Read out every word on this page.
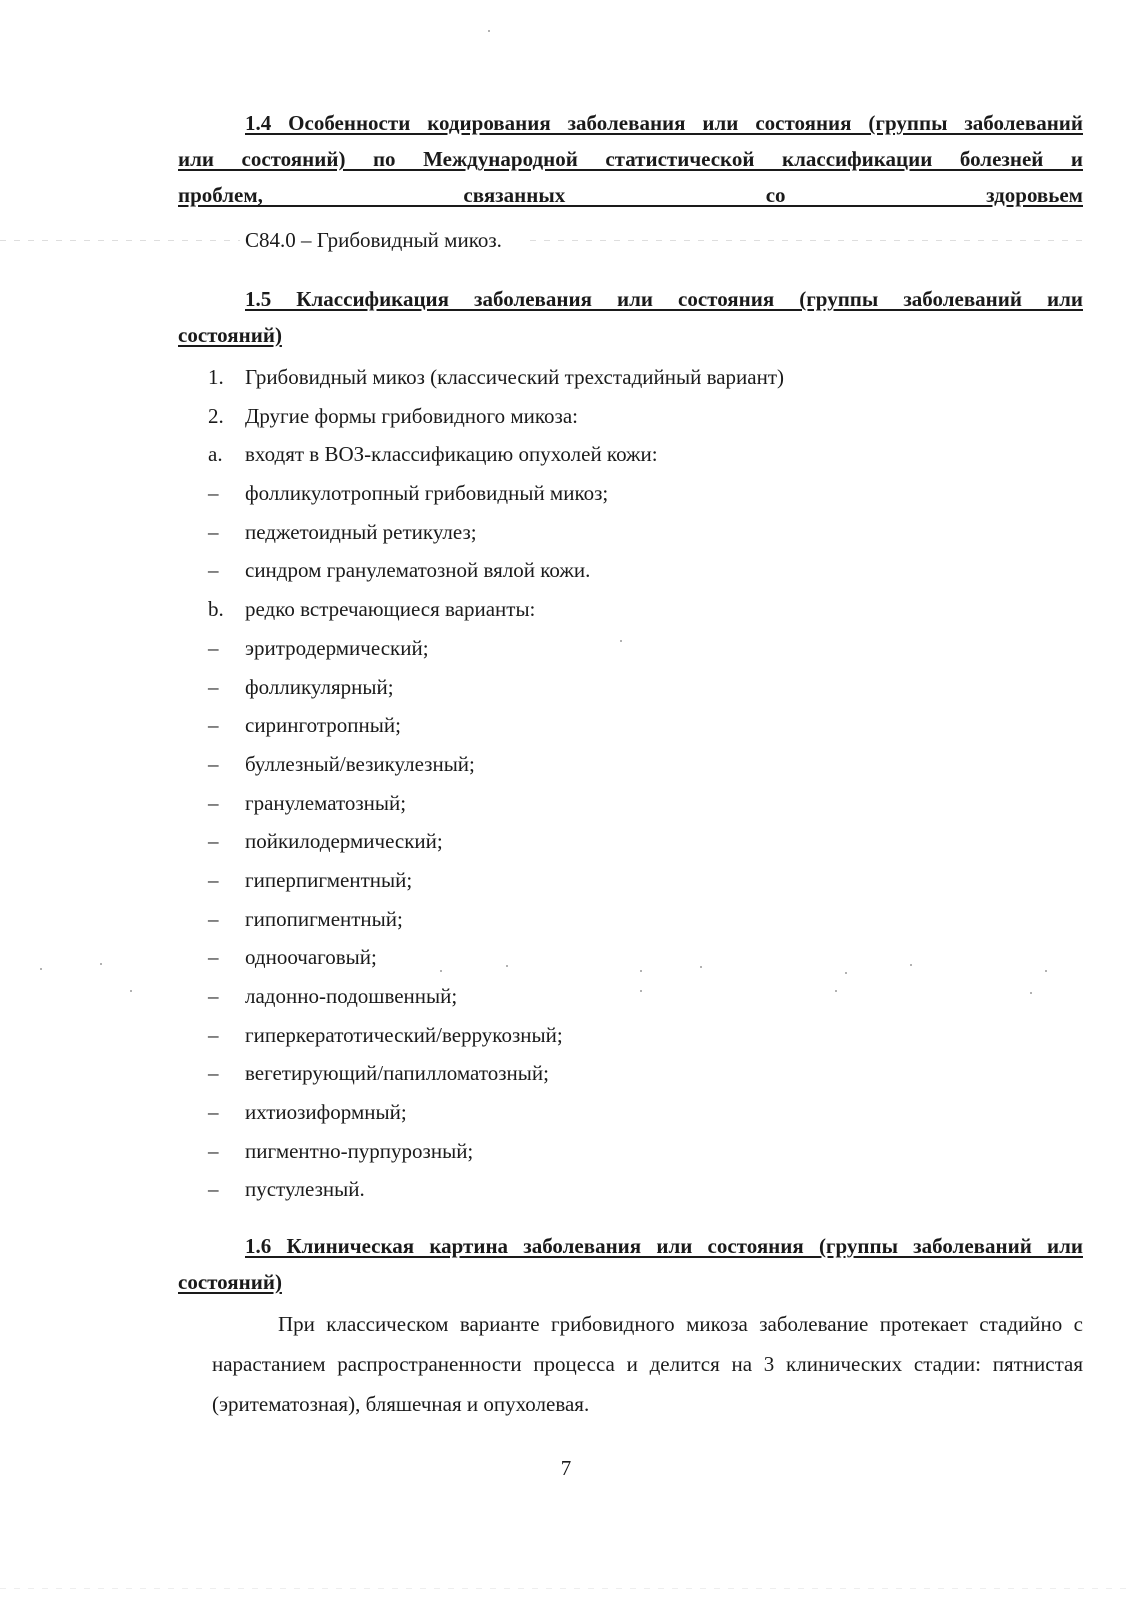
1.4 Особенности кодирования заболевания или состояния (группы заболеваний
или состояний) по Международной статистической классификации болезней и
проблем, связанных со здоровьем

C84.0 – Грибовидный микоз.

1.5 Классификация заболевания или состояния (группы заболеваний или
состояний)
1.	Грибовидный микоз (классический трехстадийный вариант)
2.	Другие формы грибовидного микоза:
a.	входят в ВОЗ-классификацию опухолей кожи:
–	фолликулотропный грибовидный микоз;
–	педжетоидный ретикулез;
–	синдром гранулематозной вялой кожи.
b.	редко встречающиеся варианты:
–	эритродермический;
–	фолликулярный;
–	сиринготропный;
–	буллезный/везикулезный;
–	гранулематозный;
–	пойкилодермический;
–	гиперпигментный;
–	гипопигментный;
–	одноочаговый;
–	ладонно-подошвенный;
–	гиперкератотический/веррукозный;
–	вегетирующий/папилломатозный;
–	ихтиозиформный;
–	пигментно-пурпурозный;
–	пустулезный.
1.6 Клиническая картина заболевания или состояния (группы заболеваний или
состояний)

При классическом варианте грибовидного микоза заболевание протекает стадийно с нарастанием распространенности процесса и делится на 3 клинических стадии: пятнистая (эритематозная), бляшечная и опухолевая.

7
